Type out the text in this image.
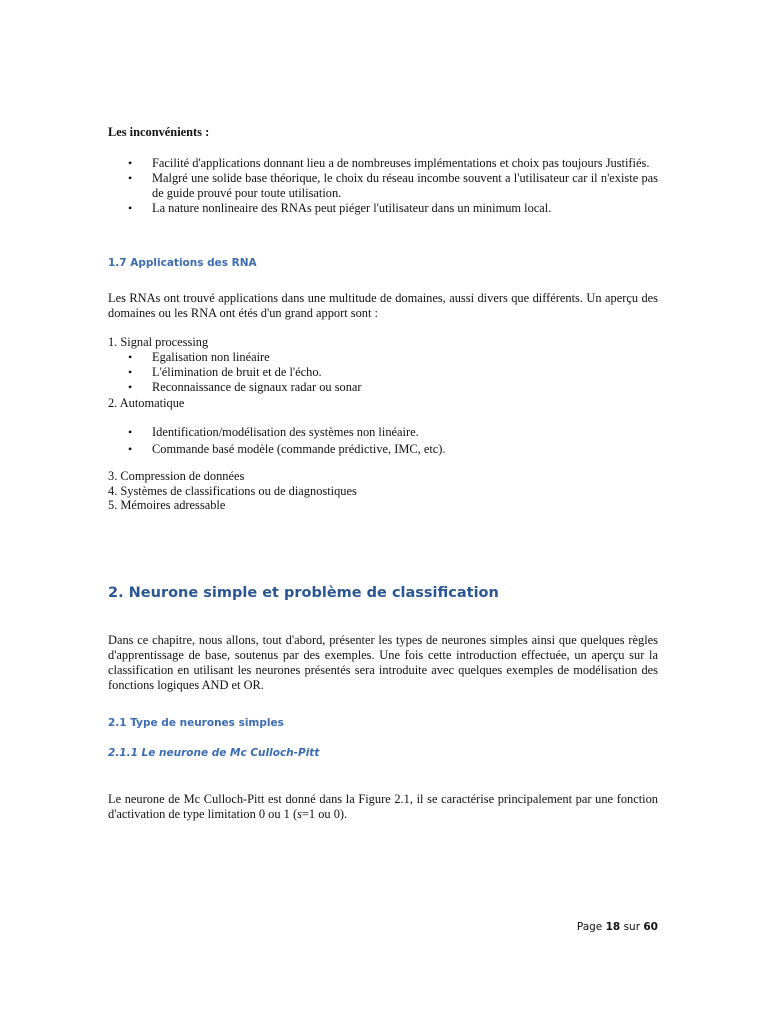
Les inconvénients :
• Facilité d'applications donnant lieu a de nombreuses implémentations et choix pas toujours Justifiés.
• Malgré une solide base théorique, le choix du réseau incombe souvent a l'utilisateur car il n'existe pas de guide prouvé pour toute utilisation.
• La nature nonlineaire des RNAs peut piéger l'utilisateur dans un minimum local.
1.7 Applications des RNA
Les RNAs ont trouvé applications dans une multitude de domaines, aussi divers que différents. Un aperçu des domaines ou les RNA ont étés d'un grand apport sont :
1. Signal processing
• Egalisation non linéaire
• L'élimination de bruit et de l'écho.
• Reconnaissance de signaux radar ou sonar
2. Automatique
• Identification/modélisation des systèmes non linéaire.
• Commande basé modèle (commande prédictive, IMC, etc).
3. Compression de données
4. Systèmes de classifications ou de diagnostiques
5. Mémoires adressable
2. Neurone simple et problème de classification
Dans ce chapitre, nous allons, tout d'abord, présenter les types de neurones simples ainsi que quelques règles d'apprentissage de base, soutenus par des exemples. Une fois cette introduction effectuée, un aperçu sur la classification en utilisant les neurones présentés sera introduite avec quelques exemples de modélisation des fonctions logiques AND et OR.
2.1 Type de neurones simples
2.1.1 Le neurone de Mc Culloch-Pitt
Le neurone de Mc Culloch-Pitt est donné dans la Figure 2.1, il se caractérise principalement par une fonction d'activation de type limitation 0 ou 1 (s=1 ou 0).
Page 18 sur 60
